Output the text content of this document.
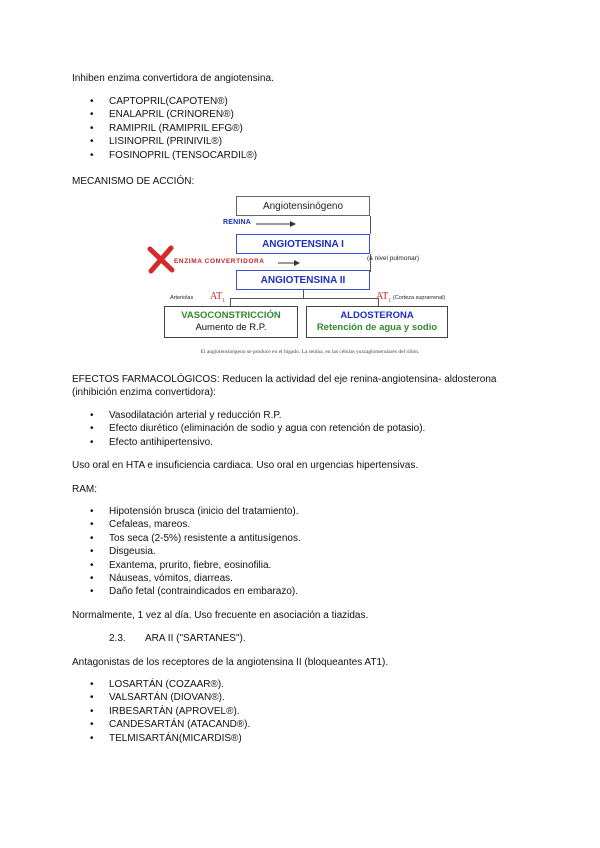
Inhiben enzima convertidora de angiotensina.

• CAPTOPRIL(CAPOTEN®)
• ENALAPRIL (CRINOREN®)
• RAMIPRIL (RAMIPRIL EFG®)
• LISINOPRIL (PRINIVIL®)
• FOSINOPRIL (TENSOCARDIL®)

MECANISMO DE ACCIÓN:

Angiotensinógeno
RENINA
ANGIOTENSINA I
ENZIMA CONVERTIDORA	(a nivel pulmonar)
ANGIOTENSINA II
Arteriolas $AT_1$	$AT_1$ (Corteza suprarrenal)
VASOCONSTRICCIÓN
Aumento de R.P.
ALDOSTERONA
Retención de agua y sodio
El angiotensinógeno se produce en el hígado. La renina, en las células yuxtaglomerulares del riñón.

EFECTOS FARMACOLÓGICOS: Reducen la actividad del eje renina-angiotensina- aldosterona

(inhibición enzima convertidora):

• Vasodilatación arterial y reducción R.P.
• Efecto diurético (eliminación de sodio y agua con retención de potasio).
• Efecto antihipertensivo.

Uso oral en HTA e insuficiencia cardiaca. Uso oral en urgencias hipertensivas.

RAM:

• Hipotensión brusca (inicio del tratamiento).
• Cefaleas, mareos.
• Tos seca (2-5%) resistente a antitusígenos.
• Disgeusia.
• Exantema, prurito, fiebre, eosinofilia.
• Náuseas, vómitos, diarreas.
• Daño fetal (contraindicados en embarazo).

Normalmente, 1 vez al día. Uso frecuente en asociación a tiazidas.

2.3. ARA II ("SARTANES").

Antagonistas de los receptores de la angiotensina II (bloqueantes AT1).

• LOSARTÁN (COZAAR®).
• VALSARTÁN (DIOVAN®).
• IRBESARTÁN (APROVEL®).
• CANDESARTÁN (ATACAND®).
• TELMISARTÁN(MICARDIS®)
